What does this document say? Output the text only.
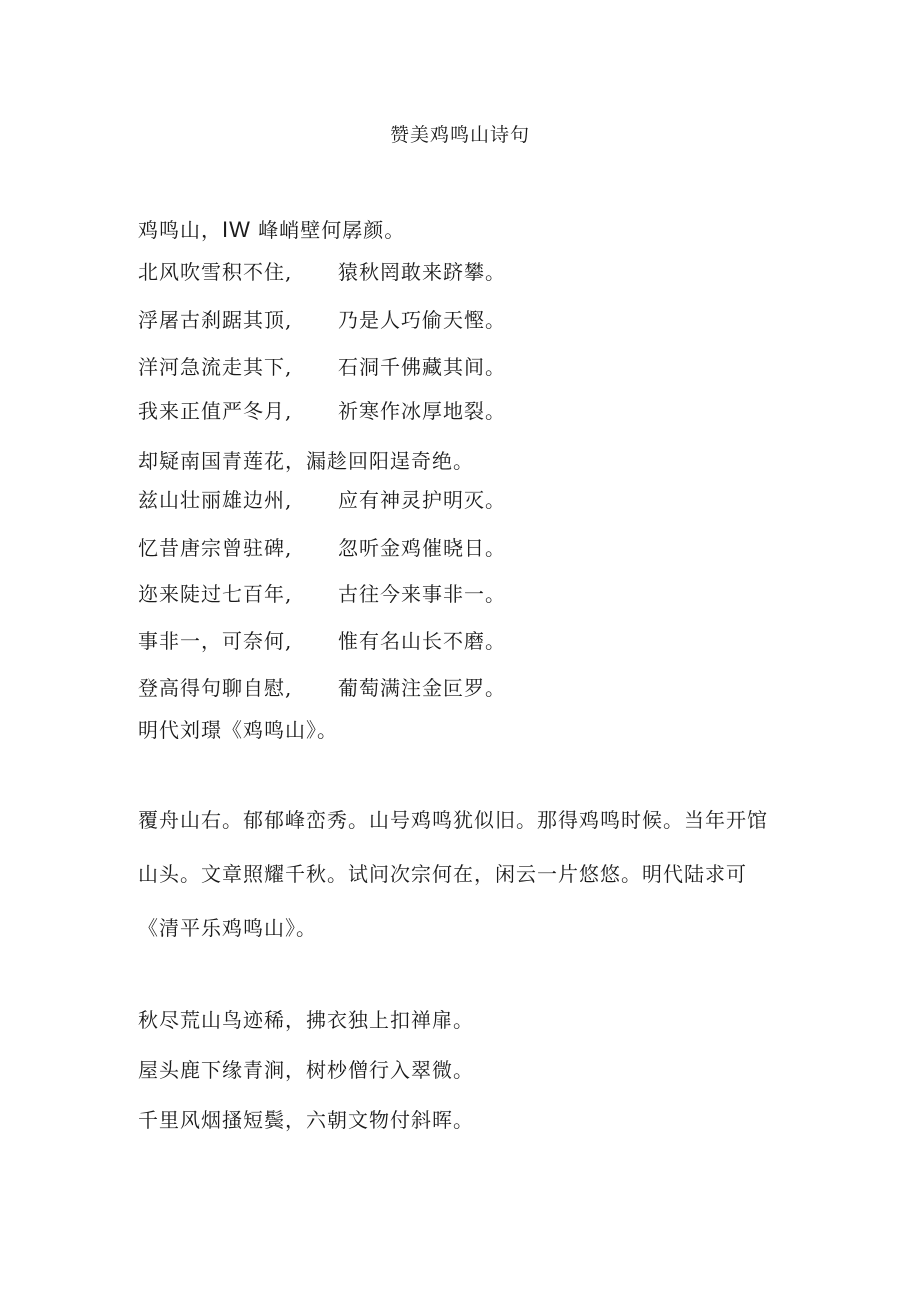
赞美鸡鸣山诗句
鸡鸣山，IW 峰峭壁何孱颜。
北风吹雪积不住, 猿秋罔敢来跻攀。
浮屠古刹踞其顶, 乃是人巧偷天慳。
洋河急流走其下, 石洞千佛藏其间。
我来正值严冬月, 祈寒作冰厚地裂。
却疑南国青莲花，漏趁回阳逞奇绝。
兹山壮丽雄边州, 应有神灵护明灭。
忆昔唐宗曾驻碑, 忽听金鸡催晓日。
迩来陡过七百年, 古往今来事非一。
事非一，可奈何, 惟有名山长不磨。
登高得句聊自慰, 葡萄满注金叵罗。
明代刘璟《鸡鸣山》。
覆舟山右。郁郁峰峦秀。山号鸡鸣犹似旧。那得鸡鸣时候。当年开馆山头。文章照耀千秋。试问次宗何在，闲云一片悠悠。明代陆求可《清平乐鸡鸣山》。
秋尽荒山鸟迹稀，拂衣独上扣禅扉。
屋头鹿下缘青涧，树杪僧行入翠微。
千里风烟搔短鬓，六朝文物付斜晖。
